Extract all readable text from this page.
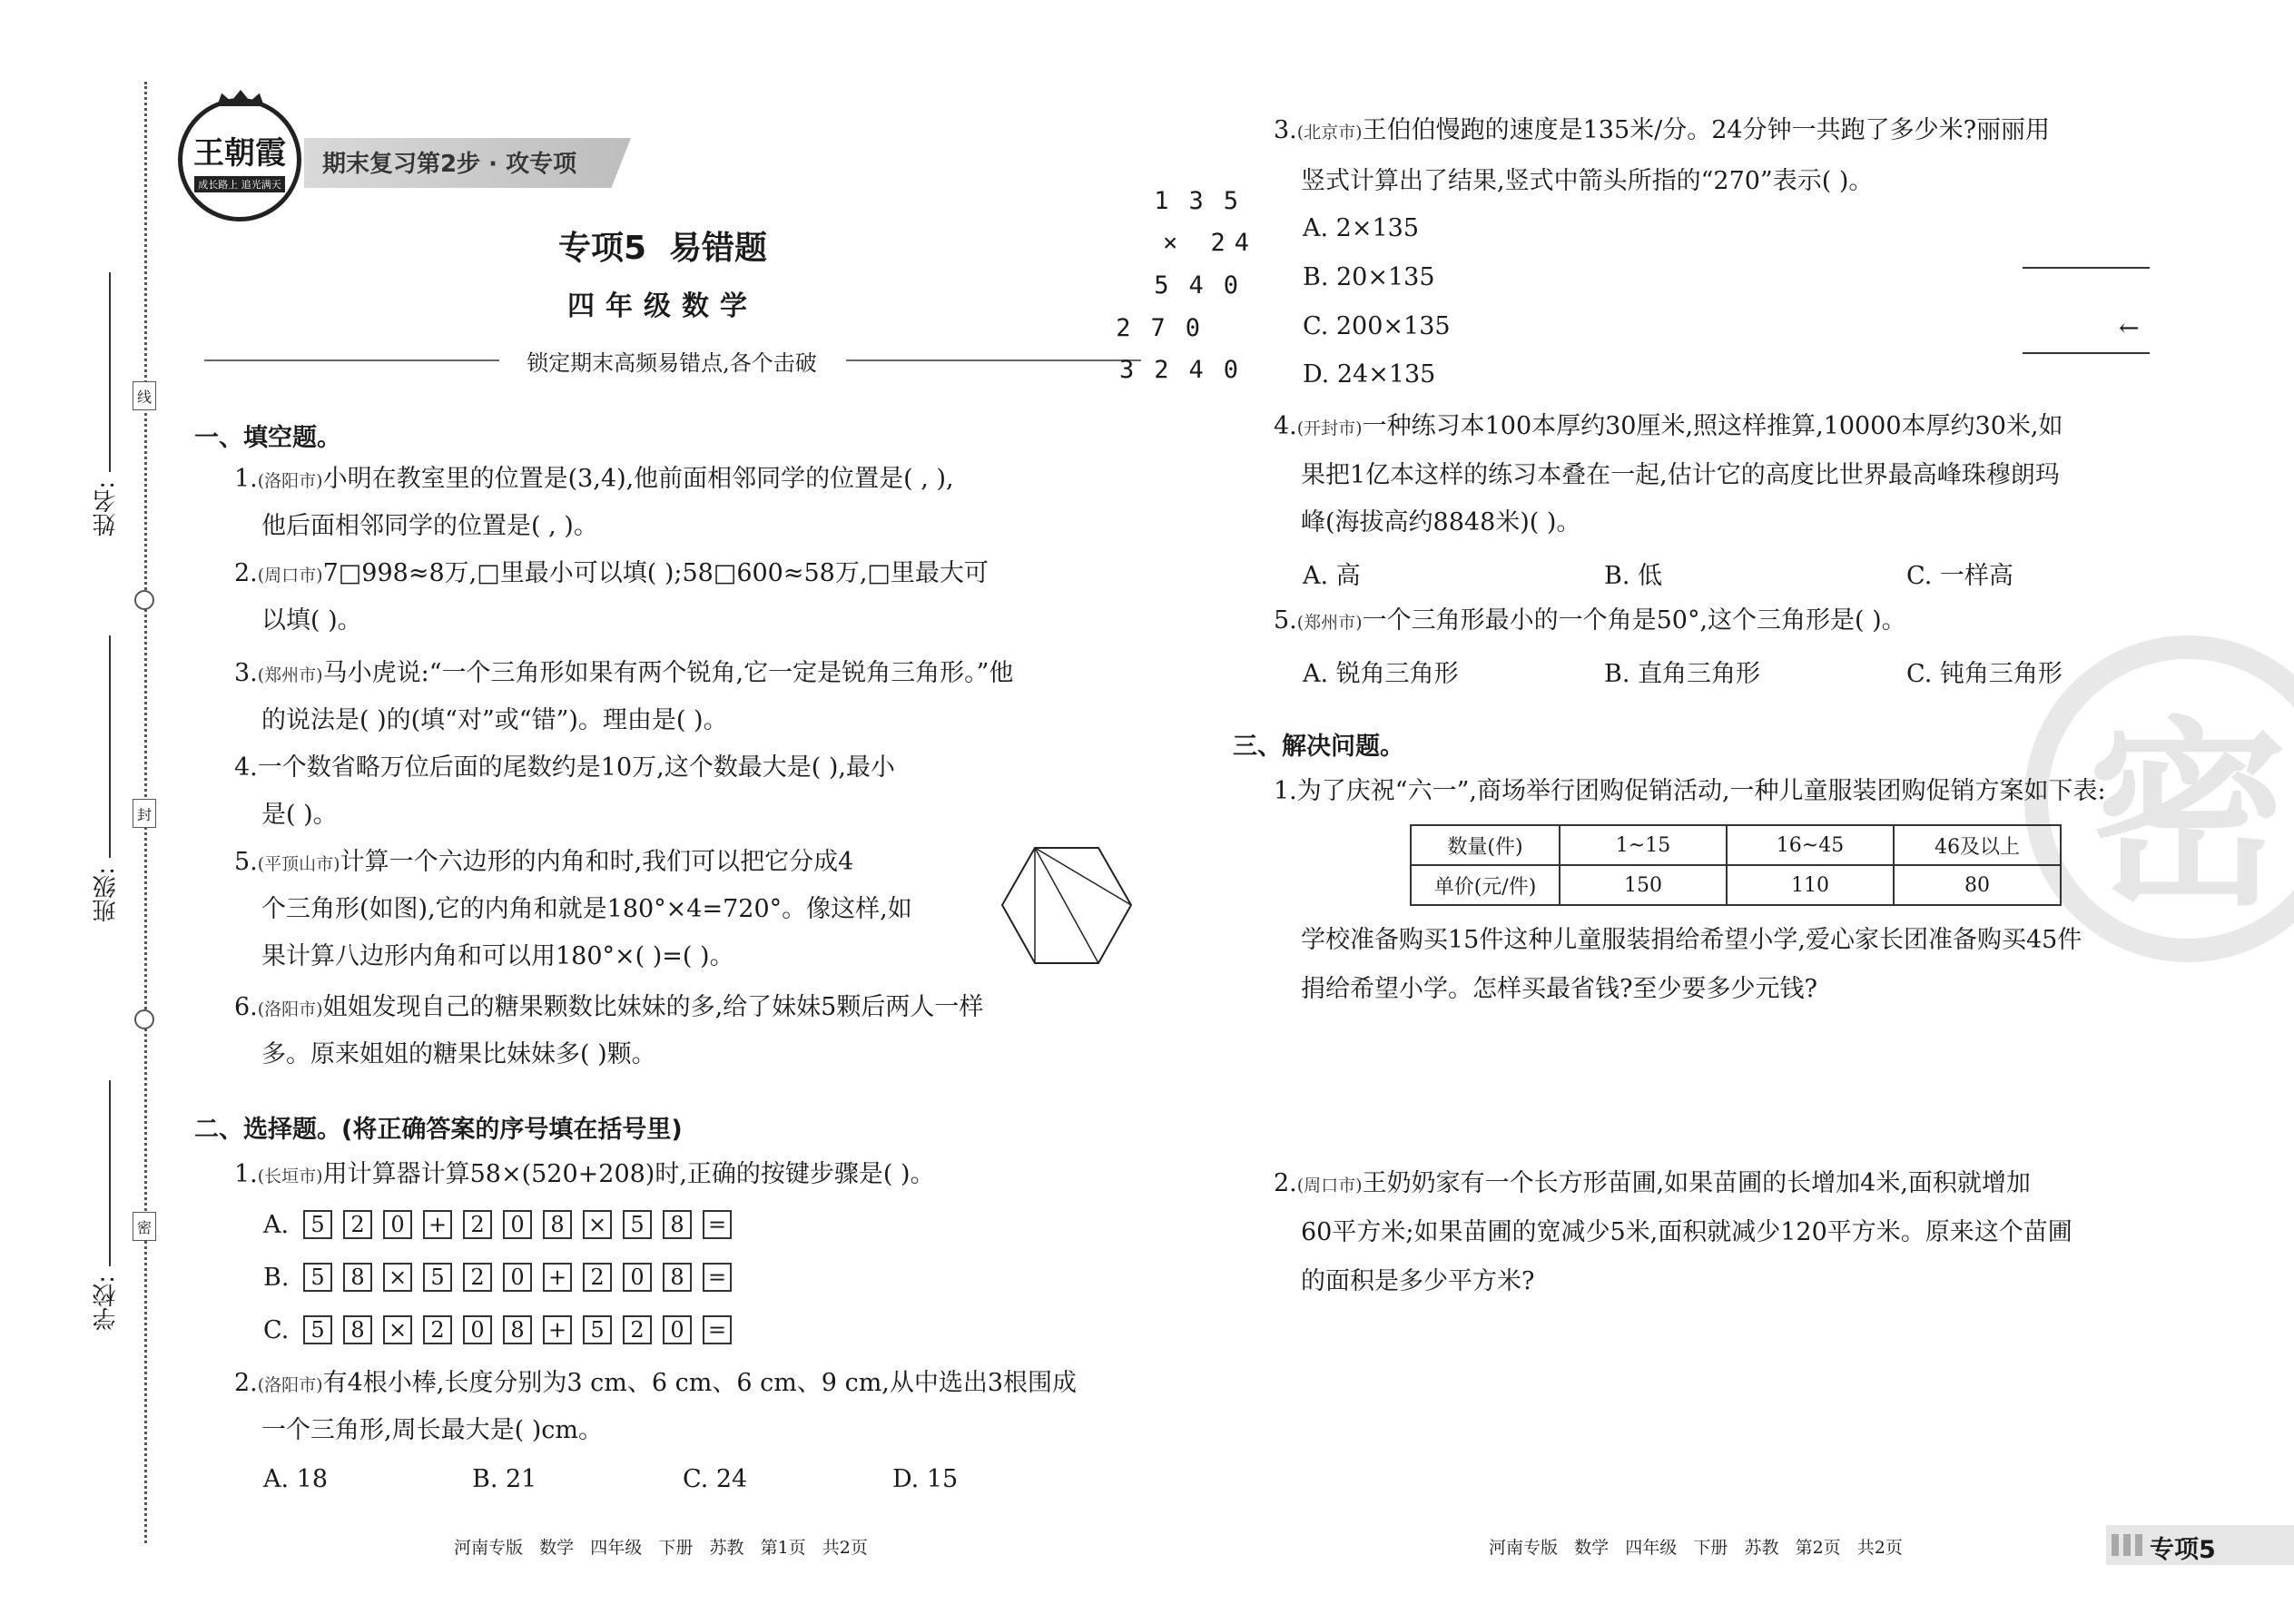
线
封
密
姓名:
班级:
学校:
王朝霞
成长路上 追光满天
期末复习第2步 · 攻专项
专项5  易错题
四年级数学
锁定期末高频易错点,各个击破
一、填空题。
1.(洛阳市)小明在教室里的位置是(3,4),他前面相邻同学的位置是( , ),
他后面相邻同学的位置是( , )。
2.(周口市)7□998≈8万,□里最小可以填( );58□600≈58万,□里最大可
以填( )。
3.(郑州市)马小虎说:“一个三角形如果有两个锐角,它一定是锐角三角形。”他
的说法是( )的(填“对”或“错”)。理由是( )。
4.一个数省略万位后面的尾数约是10万,这个数最大是( ),最小
是( )。
5.(平顶山市)计算一个六边形的内角和时,我们可以把它分成4
个三角形(如图),它的内角和就是180°×4=720°。像这样,如
果计算八边形内角和可以用180°×( )=( )。
6.(洛阳市)姐姐发现自己的糖果颗数比妹妹的多,给了妹妹5颗后两人一样
多。原来姐姐的糖果比妹妹多( )颗。
二、选择题。(将正确答案的序号填在括号里)
1.(长垣市)用计算器计算58×(520+208)时,正确的按键步骤是( )。
A.	5	2	0	+	2	0	8	×	5	8	=
B. 5	8	×	5	2	0	+	2	0	8	=
C.	5	8	×	2	0	8	+	5	2	0	=
2.(洛阳市)有4根小棒,长度分别为3 cm、6 cm、6 cm、9 cm,从中选出3根围成
一个三角形,周长最大是( )cm。
A. 18	B. 21	C. 24	D. 15
3.(北京市)王伯伯慢跑的速度是135米/分。24分钟一共跑了多少米?丽丽用
竖式计算出了结果,竖式中箭头所指的“270”表示( )。
A. 2×135
B. 20×135
C. 200×135
D. 24×135
135
× 24
540
270	←
3240
4.(开封市)一种练习本100本厚约30厘米,照这样推算,10000本厚约30米,如
果把1亿本这样的练习本叠在一起,估计它的高度比世界最高峰珠穆朗玛
峰(海拔高约8848米)( )。
A. 高	B. 低	C. 一样高
5.(郑州市)一个三角形最小的一个角是50°,这个三角形是( )。
A. 锐角三角形	B. 直角三角形	C. 钝角三角形
密
三、解决问题。
1.为了庆祝“六一”,商场举行团购促销活动,一种儿童服装团购促销方案如下表:
数量(件)	1~15	16~45	46及以上
单价(元/件)	150	110	80
学校准备购买15件这种儿童服装捐给希望小学,爱心家长团准备购买45件
捐给希望小学。怎样买最省钱?至少要多少元钱?
2.(周口市)王奶奶家有一个长方形苗圃,如果苗圃的长增加4米,面积就增加
60平方米;如果苗圃的宽减少5米,面积就减少120平方米。原来这个苗圃
的面积是多少平方米?
河南专版   数学   四年级   下册   苏教   第1页   共2页	河南专版   数学   四年级   下册   苏教   第2页   共2页	专项5
